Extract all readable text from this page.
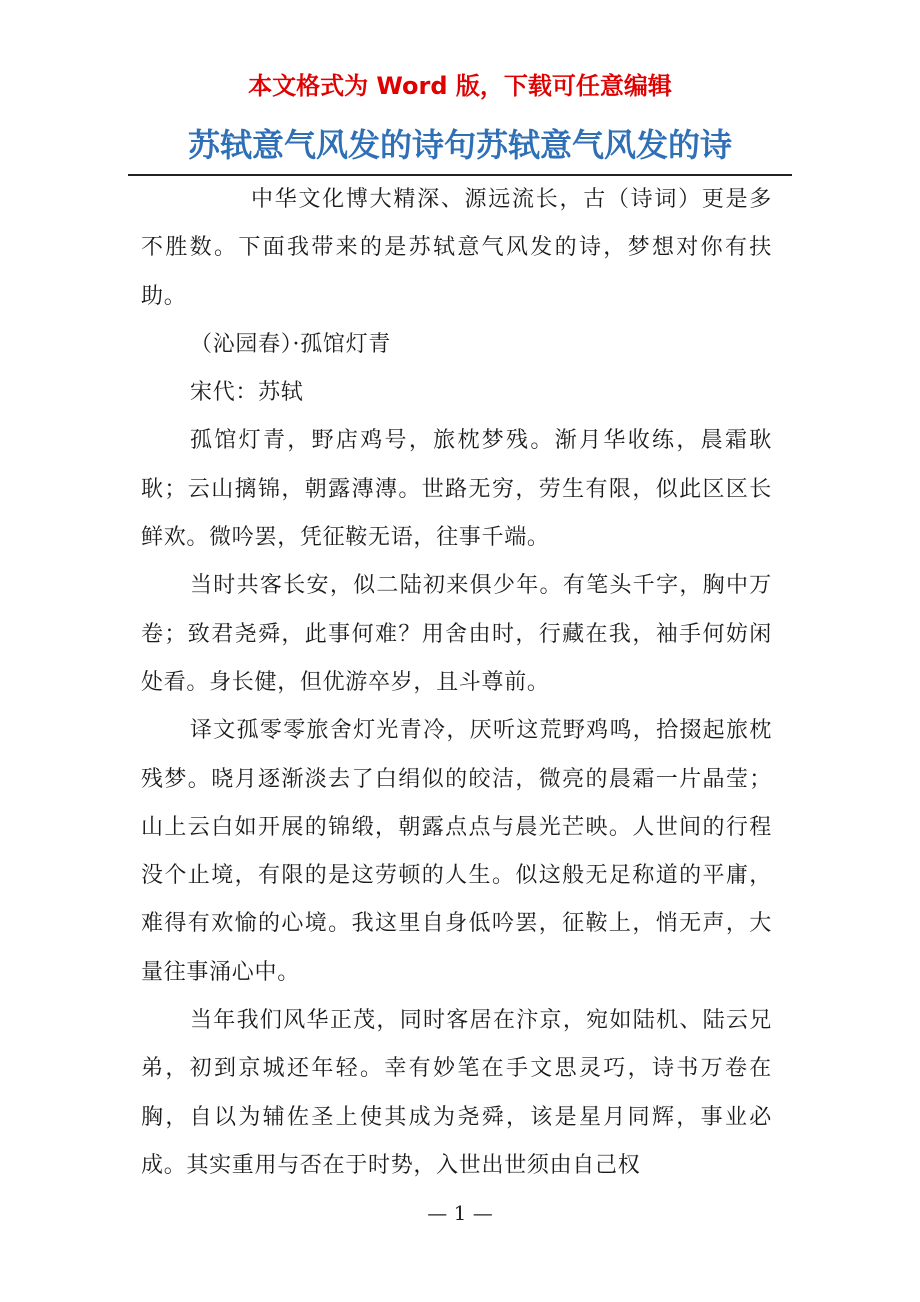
本文格式为 Word 版，下载可任意编辑
苏轼意气风发的诗句苏轼意气风发的诗

中华文化博大精深、源远流长，古（诗词）更是多不胜数。下面我带来的是苏轼意气风发的诗，梦想对你有扶助。

（沁园春）·孤馆灯青

宋代：苏轼

孤馆灯青，野店鸡号，旅枕梦残。渐月华收练，晨霜耿耿；云山摛锦，朝露漙漙。世路无穷，劳生有限，似此区区长鲜欢。微吟罢，凭征鞍无语，往事千端。

当时共客长安，似二陆初来俱少年。有笔头千字，胸中万卷；致君尧舜，此事何难？用舍由时，行藏在我，袖手何妨闲处看。身长健，但优游卒岁，且斗尊前。

译文孤零零旅舍灯光青冷，厌听这荒野鸡鸣，拾掇起旅枕残梦。晓月逐渐淡去了白绢似的皎洁，微亮的晨霜一片晶莹；山上云白如开展的锦缎，朝露点点与晨光芒映。人世间的行程没个止境，有限的是这劳顿的人生。似这般无足称道的平庸，难得有欢愉的心境。我这里自身低吟罢，征鞍上，悄无声，大量往事涌心中。

当年我们风华正茂，同时客居在汴京，宛如陆机、陆云兄弟，初到京城还年轻。幸有妙笔在手文思灵巧，诗书万卷在胸，自以为辅佐圣上使其成为尧舜，该是星月同辉，事业必成。其实重用与否在于时势，入世出世须由自己权

— 1 —
